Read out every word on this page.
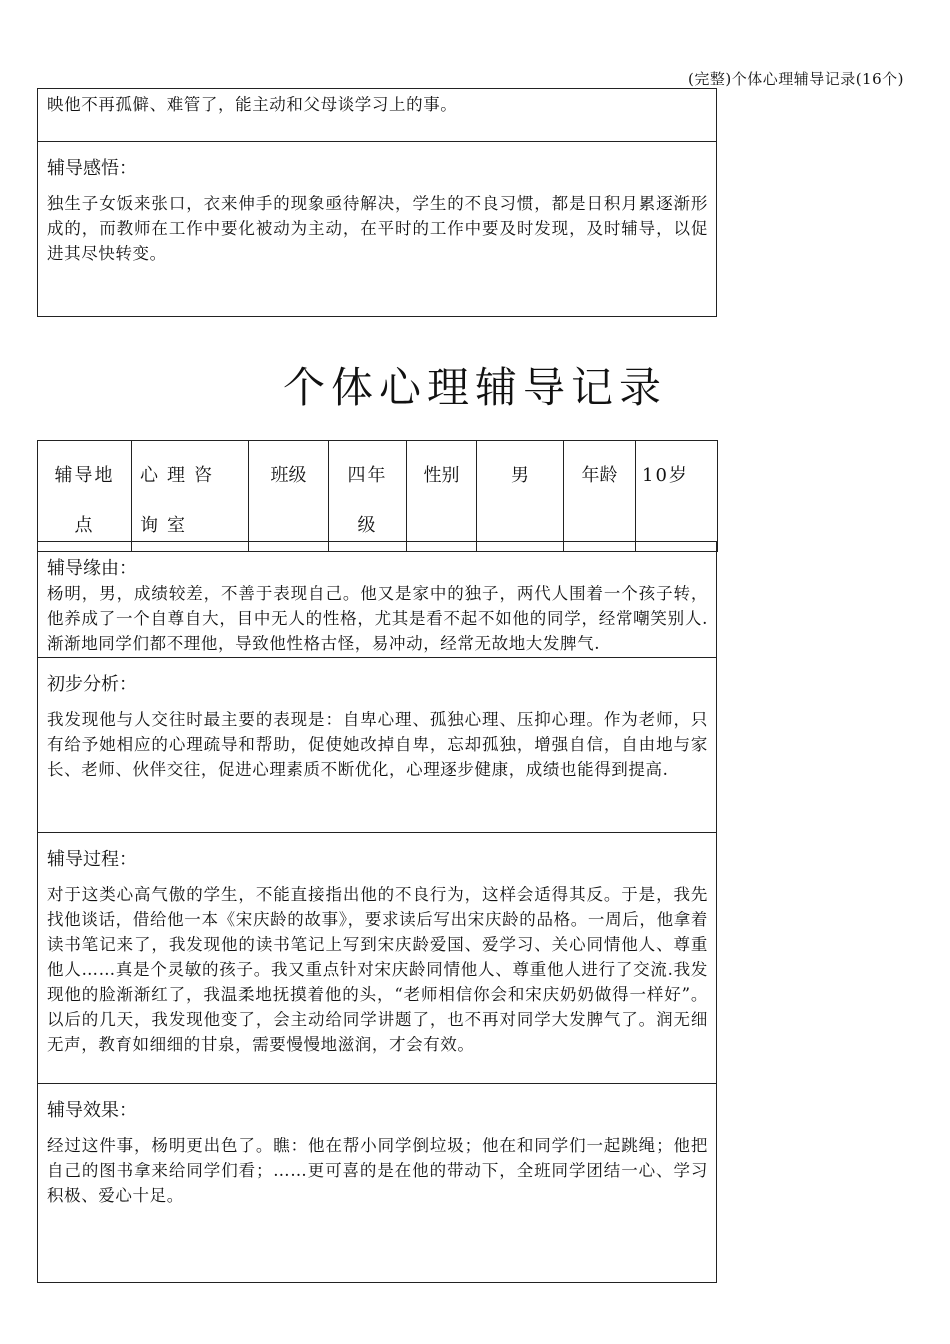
(完整)个体心理辅导记录(16个)
映他不再孤僻、难管了，能主动和父母谈学习上的事。
辅导感悟：
独生子女饭来张口，衣来伸手的现象亟待解决，学生的不良习惯，都是日积月累逐渐形成的，而教师在工作中要化被动为主动，在平时的工作中要及时发现，及时辅导，以促进其尽快转变。
个体心理辅导记录
辅导地点	心理咨询室	班级	四年级	性别	男	年龄	10岁
辅导缘由：
杨明，男，成绩较差，不善于表现自己。他又是家中的独子，两代人围着一个孩子转，他养成了一个自尊自大，目中无人的性格，尤其是看不起不如他的同学，经常嘲笑别人.渐渐地同学们都不理他，导致他性格古怪，易冲动，经常无故地大发脾气.
初步分析：
我发现他与人交往时最主要的表现是：自卑心理、孤独心理、压抑心理。作为老师，只有给予她相应的心理疏导和帮助，促使她改掉自卑，忘却孤独，增强自信，自由地与家长、老师、伙伴交往，促进心理素质不断优化，心理逐步健康，成绩也能得到提高.
辅导过程：
对于这类心高气傲的学生，不能直接指出他的不良行为，这样会适得其反。于是，我先找他谈话，借给他一本《宋庆龄的故事》，要求读后写出宋庆龄的品格。一周后，他拿着读书笔记来了，我发现他的读书笔记上写到宋庆龄爱国、爱学习、关心同情他人、尊重他人……真是个灵敏的孩子。我又重点针对宋庆龄同情他人、尊重他人进行了交流.我发现他的脸渐渐红了，我温柔地抚摸着他的头，“老师相信你会和宋庆奶奶做得一样好”。以后的几天，我发现他变了，会主动给同学讲题了，也不再对同学大发脾气了。润无细无声，教育如细细的甘泉，需要慢慢地滋润，才会有效。
辅导效果：
经过这件事，杨明更出色了。瞧：他在帮小同学倒垃圾；他在和同学们一起跳绳；他把自己的图书拿来给同学们看；……更可喜的是在他的带动下，全班同学团结一心、学习积极、爱心十足。
